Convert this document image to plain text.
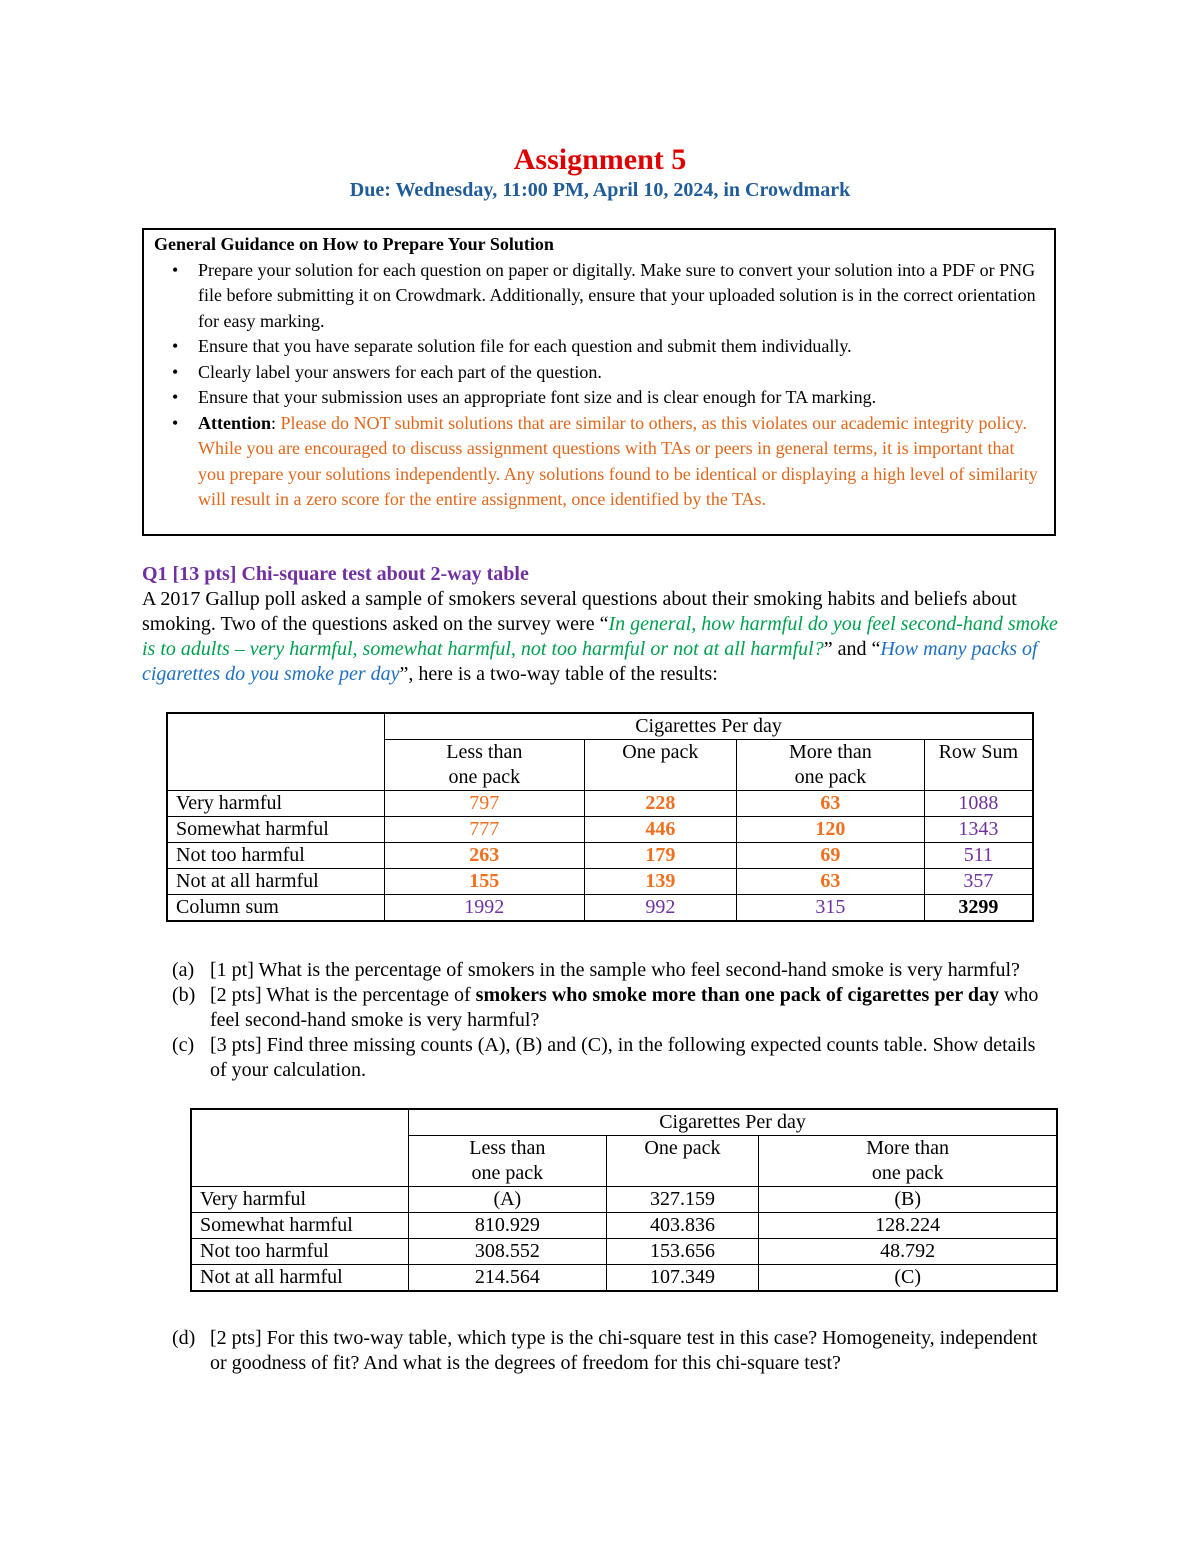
Assignment 5
Due: Wednesday, 11:00 PM, April 10, 2024, in Crowdmark
General Guidance on How to Prepare Your Solution
• Prepare your solution for each question on paper or digitally. Make sure to convert your solution into a PDF or PNG file before submitting it on Crowdmark. Additionally, ensure that your uploaded solution is in the correct orientation for easy marking.
• Ensure that you have separate solution file for each question and submit them individually.
• Clearly label your answers for each part of the question.
• Ensure that your submission uses an appropriate font size and is clear enough for TA marking.
• Attention: Please do NOT submit solutions that are similar to others, as this violates our academic integrity policy. While you are encouraged to discuss assignment questions with TAs or peers in general terms, it is important that you prepare your solutions independently. Any solutions found to be identical or displaying a high level of similarity will result in a zero score for the entire assignment, once identified by the TAs.
Q1 [13 pts] Chi-square test about 2-way table
A 2017 Gallup poll asked a sample of smokers several questions about their smoking habits and beliefs about smoking. Two of the questions asked on the survey were “In general, how harmful do you feel second-hand smoke is to adults – very harmful, somewhat harmful, not too harmful or not at all harmful?” and “How many packs of cigarettes do you smoke per day”, here is a two-way table of the results:
	Cigarettes Per day			
	Less than
one pack	One pack	More than
one pack	Row Sum
Very harmful	797	228	63	1088
Somewhat harmful	777	446	120	1343
Not too harmful	263	179	69	511
Not at all harmful	155	139	63	357
Column sum	1992	992	315	3299
(a) [1 pt] What is the percentage of smokers in the sample who feel second-hand smoke is very harmful?
(b) [2 pts] What is the percentage of smokers who smoke more than one pack of cigarettes per day who feel second-hand smoke is very harmful?
(c) [3 pts] Find three missing counts (A), (B) and (C), in the following expected counts table. Show details of your calculation.
	Cigarettes Per day		
	Less than
one pack	One pack	More than
one pack
Very harmful	(A)	327.159	(B)
Somewhat harmful	810.929	403.836	128.224
Not too harmful	308.552	153.656	48.792
Not at all harmful	214.564	107.349	(C)
(d) [2 pts] For this two-way table, which type is the chi-square test in this case? Homogeneity, independent or goodness of fit? And what is the degrees of freedom for this chi-square test?
